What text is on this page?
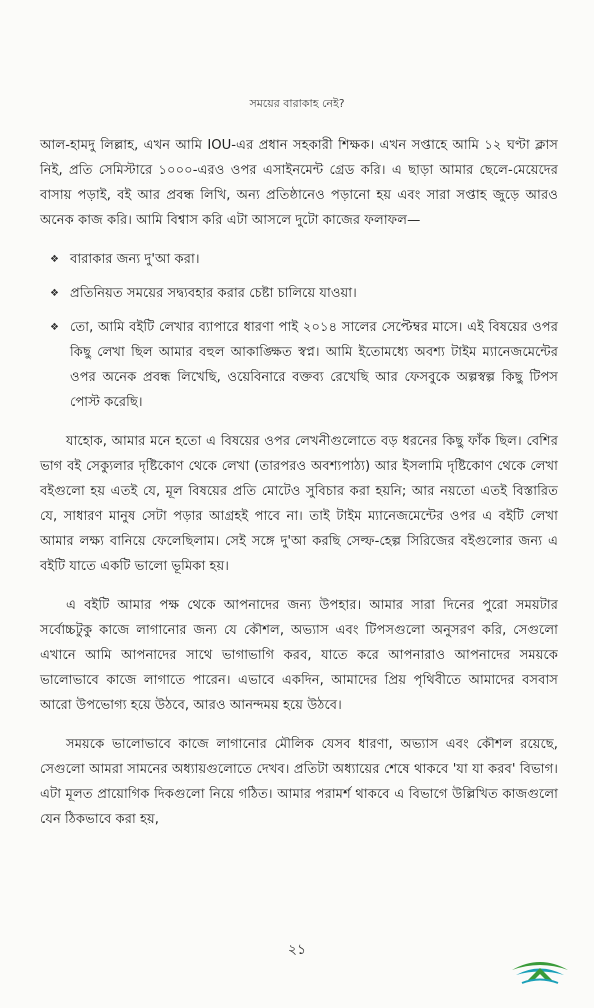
সময়ের বারাকাহ নেই?

আল-হামদু লিল্লাহ, এখন আমি IOU-এর প্রধান সহকারী শিক্ষক। এখন সপ্তাহে আমি ১২ ঘণ্টা ক্লাস নিই, প্রতি সেমিস্টারে ১০০০-এরও ওপর এসাইনমেন্ট গ্রেড করি। এ ছাড়া আমার ছেলে-মেয়েদের বাসায় পড়াই, বই আর প্রবন্ধ লিখি, অন্য প্রতিষ্ঠানেও পড়ানো হয় এবং সারা সপ্তাহ জুড়ে আরও অনেক কাজ করি। আমি বিশ্বাস করি এটা আসলে দুটো কাজের ফলাফল—

❖ বারাকার জন্য দু'আ করা।
❖ প্রতিনিয়ত সময়ের সদ্ব্যবহার করার চেষ্টা চালিয়ে যাওয়া।
❖ তো, আমি বইটি লেখার ব্যাপারে ধারণা পাই ২০১৪ সালের সেপ্টেম্বর মাসে। এই বিষয়ের ওপর কিছু লেখা ছিল আমার বহুল আকাঙ্ক্ষিত স্বপ্ন। আমি ইতোমধ্যে অবশ্য টাইম ম্যানেজমেন্টের ওপর অনেক প্রবন্ধ লিখেছি, ওয়েবিনারে বক্তব্য রেখেছি আর ফেসবুকে অল্পস্বল্প কিছু টিপস পোস্ট করেছি।

যাহোক, আমার মনে হতো এ বিষয়ের ওপর লেখনীগুলোতে বড় ধরনের কিছু ফাঁক ছিল। বেশির ভাগ বই সেক্যুলার দৃষ্টিকোণ থেকে লেখা (তারপরও অবশ্যপাঠ্য) আর ইসলামি দৃষ্টিকোণ থেকে লেখা বইগুলো হয় এতই যে, মূল বিষয়ের প্রতি মোটেও সুবিচার করা হয়নি; আর নয়তো এতই বিস্তারিত যে, সাধারণ মানুষ সেটা পড়ার আগ্রহই পাবে না। তাই টাইম ম্যানেজমেন্টের ওপর এ বইটি লেখা আমার লক্ষ্য বানিয়ে ফেলেছিলাম। সেই সঙ্গে দু'আ করছি সেল্ফ-হেল্প সিরিজের বইগুলোর জন্য এ বইটি যাতে একটি ভালো ভূমিকা হয়।

এ বইটি আমার পক্ষ থেকে আপনাদের জন্য উপহার। আমার সারা দিনের পুরো সময়টার সর্বোচ্চটুকু কাজে লাগানোর জন্য যে কৌশল, অভ্যাস এবং টিপসগুলো অনুসরণ করি, সেগুলো এখানে আমি আপনাদের সাথে ভাগাভাগি করব, যাতে করে আপনারাও আপনাদের সময়কে ভালোভাবে কাজে লাগাতে পারেন। এভাবে একদিন, আমাদের প্রিয় পৃথিবীতে আমাদের বসবাস আরো উপভোগ্য হয়ে উঠবে, আরও আনন্দময় হয়ে উঠবে।

সময়কে ভালোভাবে কাজে লাগানোর মৌলিক যেসব ধারণা, অভ্যাস এবং কৌশল রয়েছে, সেগুলো আমরা সামনের অধ্যায়গুলোতে দেখব। প্রতিটা অধ্যায়ের শেষে থাকবে 'যা যা করব' বিভাগ। এটা মূলত প্রায়োগিক দিকগুলো নিয়ে গঠিত। আমার পরামর্শ থাকবে এ বিভাগে উল্লিখিত কাজগুলো যেন ঠিকভাবে করা হয়,

২১
